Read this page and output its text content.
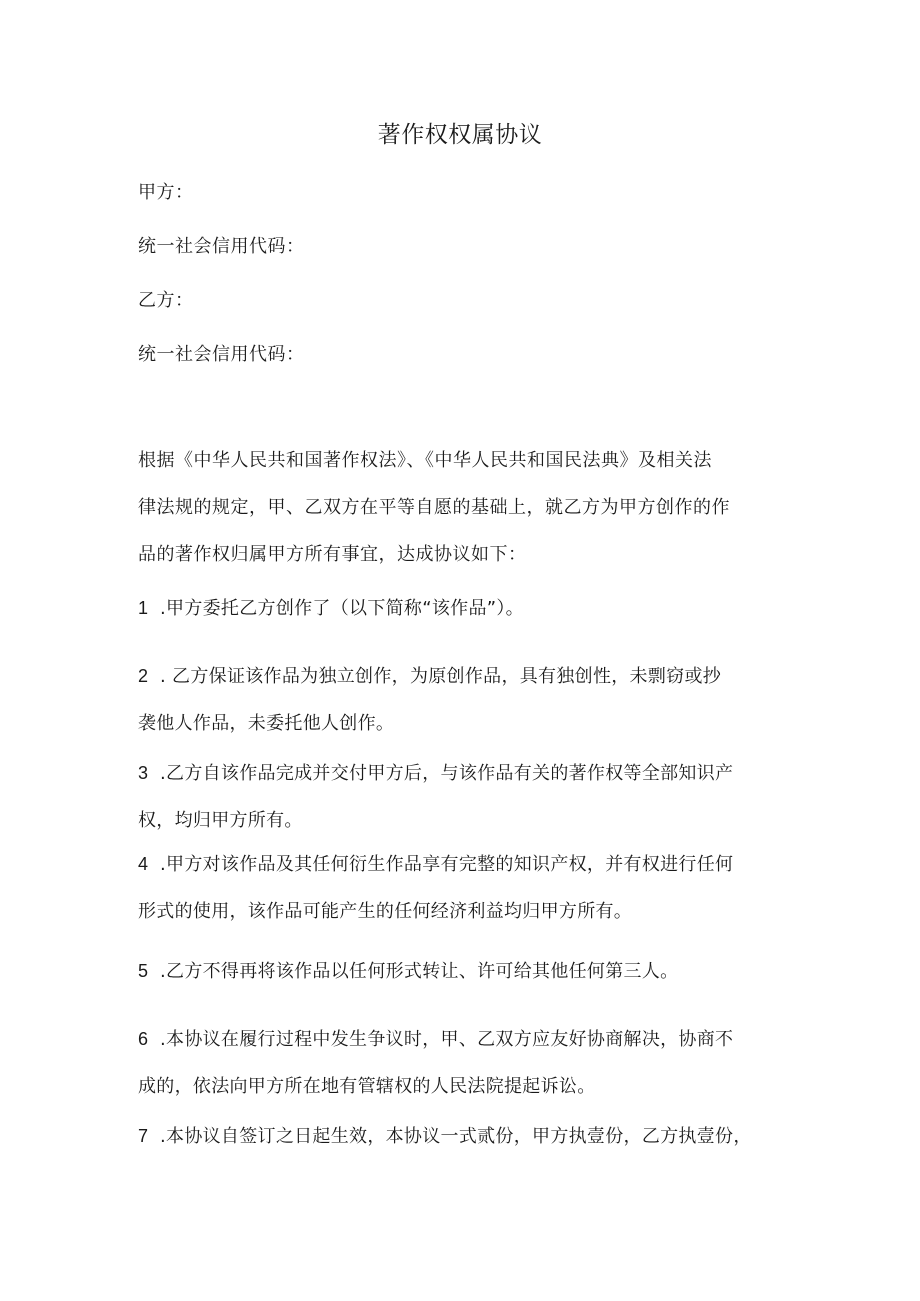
著作权权属协议
甲方：
统一社会信用代码：
乙方：
统一社会信用代码：
根据《中华人民共和国著作权法》、《中华人民共和国民法典》及相关法
律法规的规定，甲、乙双方在平等自愿的基础上，就乙方为甲方创作的作
品的著作权归属甲方所有事宜，达成协议如下：
1 .甲方委托乙方创作了（以下简称“该作品”）。
2 . 乙方保证该作品为独立创作，为原创作品，具有独创性，未剽窃或抄
袭他人作品，未委托他人创作。
3 .乙方自该作品完成并交付甲方后，与该作品有关的著作权等全部知识产
权，均归甲方所有。
4 .甲方对该作品及其任何衍生作品享有完整的知识产权，并有权进行任何
形式的使用，该作品可能产生的任何经济利益均归甲方所有。
5 .乙方不得再将该作品以任何形式转让、许可给其他任何第三人。
6 .本协议在履行过程中发生争议时，甲、乙双方应友好协商解决，协商不
成的，依法向甲方所在地有管辖权的人民法院提起诉讼。
7 .本协议自签订之日起生效，本协议一式贰份，甲方执壹份，乙方执壹份，
